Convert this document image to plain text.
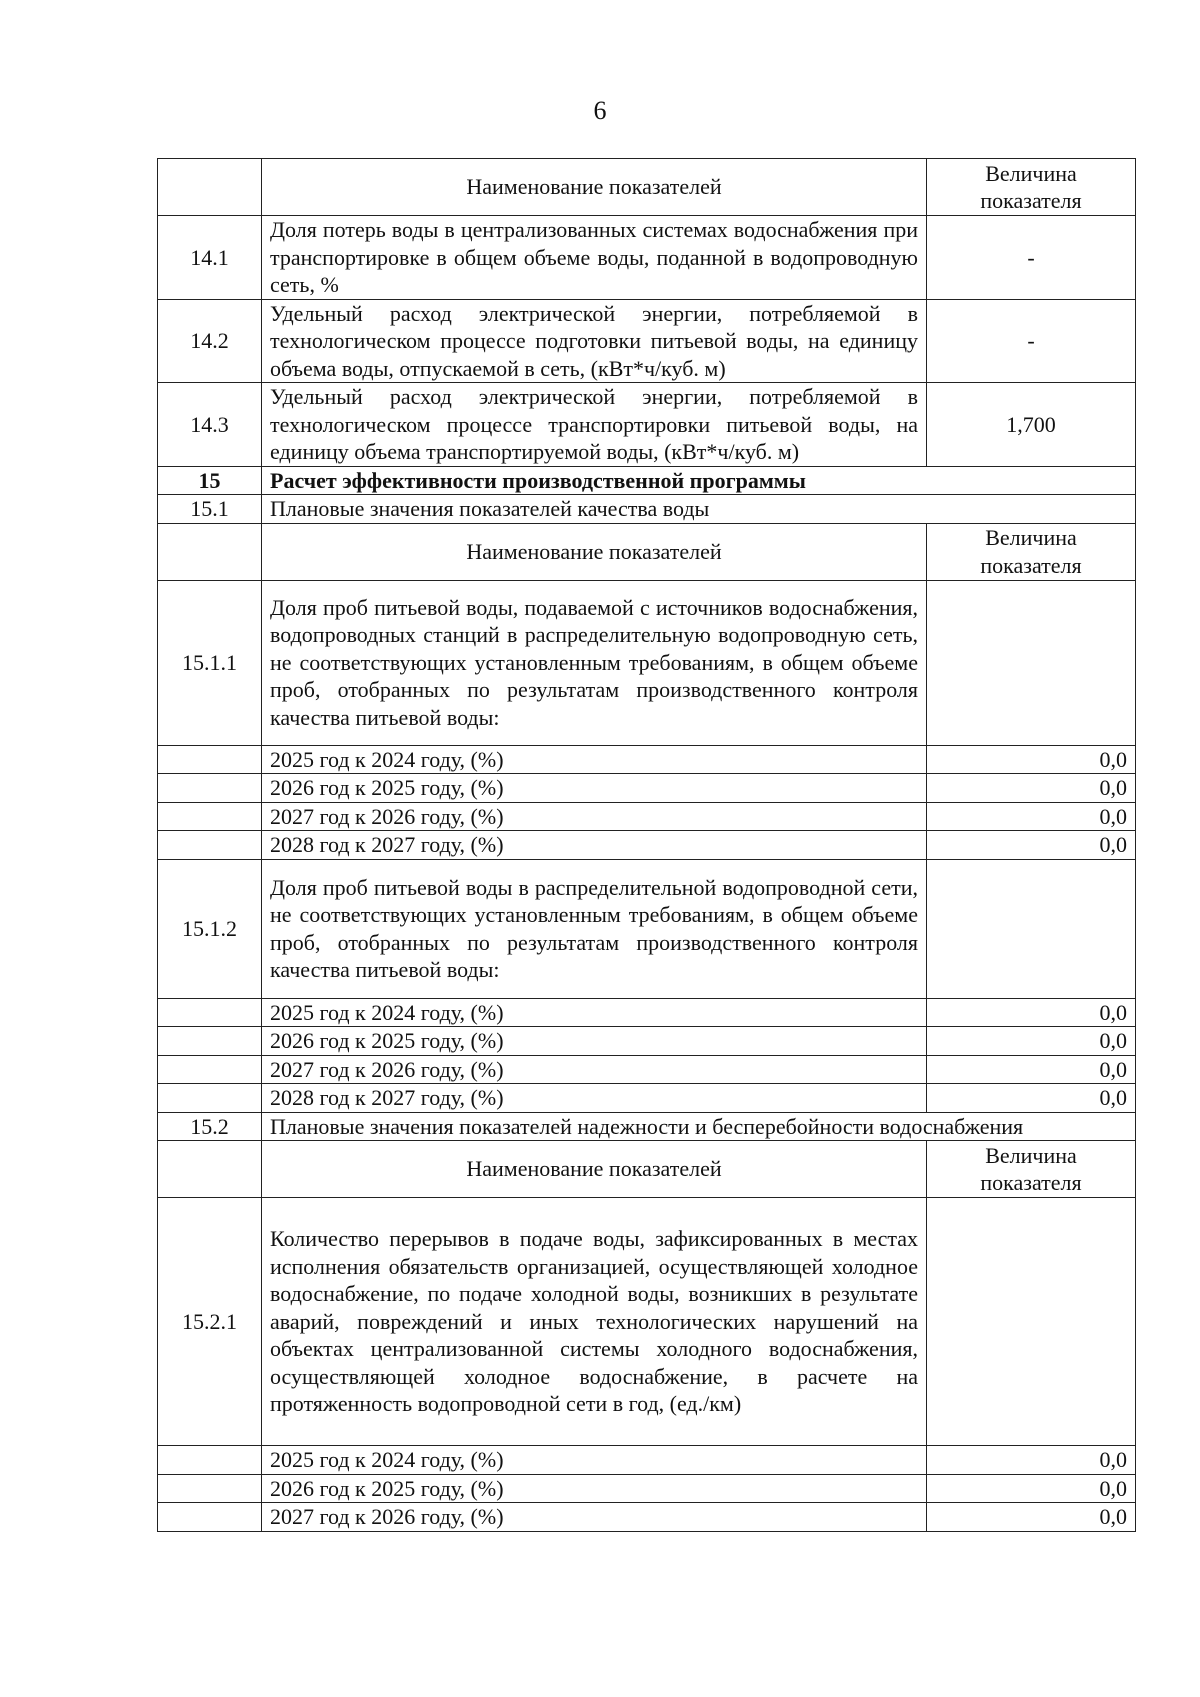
6
	Наименование показателей	Величина показателя
14.1	Доля потерь воды в централизованных системах водоснабжения при транспортировке в общем объеме воды, поданной в водопроводную сеть, %	-
14.2	Удельный расход электрической энергии, потребляемой в технологическом процессе подготовки питьевой воды, на единицу объема воды, отпускаемой в сеть, (кВт*ч/куб. м)	-
14.3	Удельный расход электрической энергии, потребляемой в технологическом процессе транспортировки питьевой воды, на единицу объема транспортируемой воды, (кВт*ч/куб. м)	1,700
15	Расчет эффективности производственной программы	
15.1	Плановые значения показателей качества воды	
	Наименование показателей	Величина показателя
15.1.1	Доля проб питьевой воды, подаваемой с источников водоснабжения, водопроводных станций в распределительную водопроводную сеть, не соответствующих установленным требованиям, в общем объеме проб, отобранных по результатам производственного контроля качества питьевой воды:	
	2025 год к 2024 году, (%)	0,0
	2026 год к 2025 году, (%)	0,0
	2027 год к 2026 году, (%)	0,0
	2028 год к 2027 году, (%)	0,0
15.1.2	Доля проб питьевой воды в распределительной водопроводной сети, не соответствующих установленным требованиям, в общем объеме проб, отобранных по результатам производственного контроля качества питьевой воды:	
	2025 год к 2024 году, (%)	0,0
	2026 год к 2025 году, (%)	0,0
	2027 год к 2026 году, (%)	0,0
	2028 год к 2027 году, (%)	0,0
15.2	Плановые значения показателей надежности и бесперебойности водоснабжения	
	Наименование показателей	Величина показателя
15.2.1	Количество перерывов в подаче воды, зафиксированных в местах исполнения обязательств организацией, осуществляющей холодное водоснабжение, по подаче холодной воды, возникших в результате аварий, повреждений и иных технологических нарушений на объектах централизованной системы холодного водоснабжения, осуществляющей холодное водоснабжение, в расчете на протяженность водопроводной сети в год, (ед./км)	
	2025 год к 2024 году, (%)	0,0
	2026 год к 2025 году, (%)	0,0
	2027 год к 2026 году, (%)	0,0
